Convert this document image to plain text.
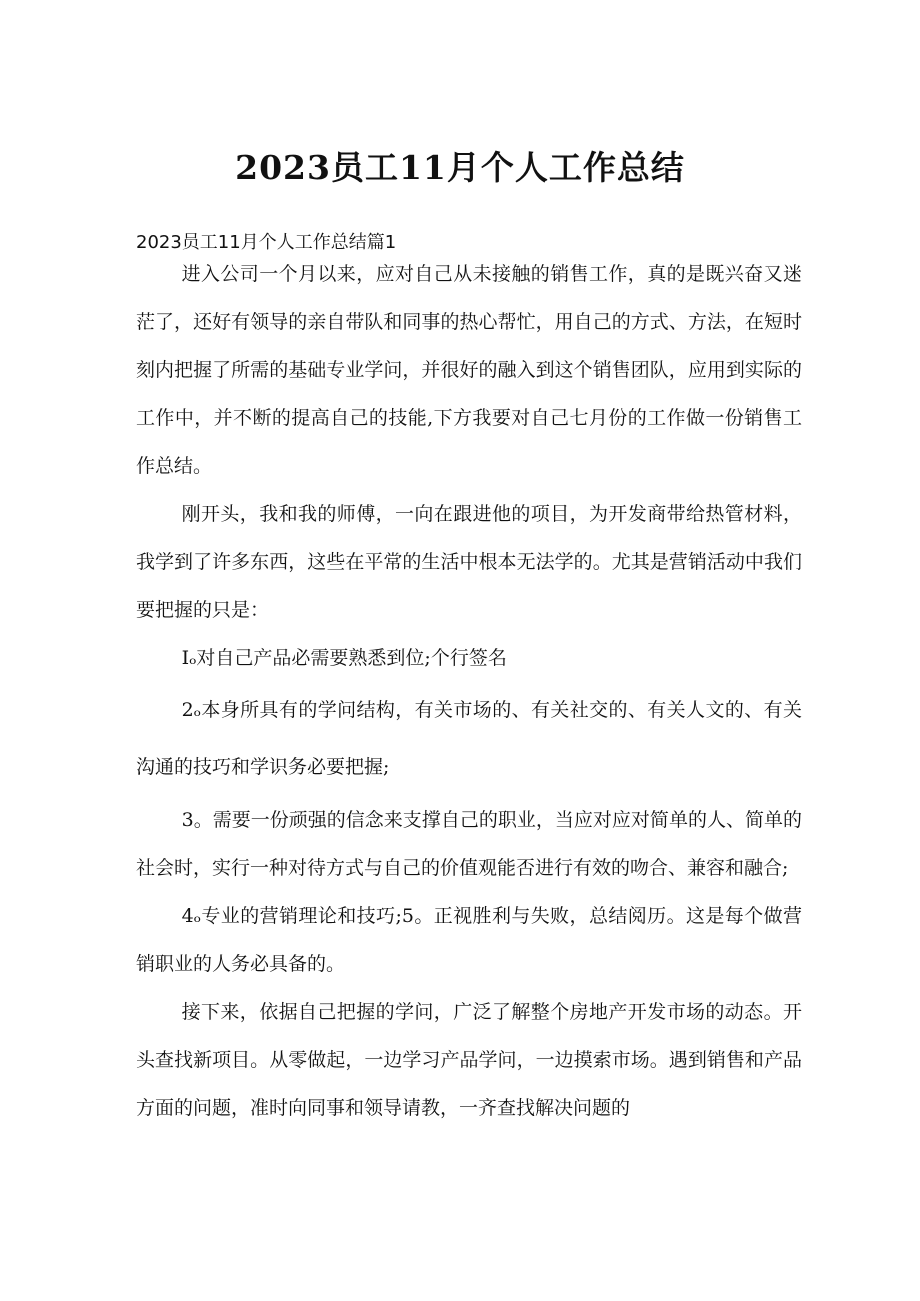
2023员工11月个人工作总结
2023员工11月个人工作总结篇1

进入公司一个月以来，应对自己从未接触的销售工作，真的是既兴奋又迷茫了，还好有领导的亲自带队和同事的热心帮忙，用自己的方式、方法，在短时刻内把握了所需的基础专业学问，并很好的融入到这个销售团队，应用到实际的工作中，并不断的提高自己的技能,下方我要对自己七月份的工作做一份销售工作总结。

刚开头，我和我的师傅，一向在跟进他的项目，为开发商带给热管材料，我学到了许多东西，这些在平常的生活中根本无法学的。尤其是营销活动中我们要把握的只是：

Iₒ对自己产品必需要熟悉到位;个行签名

2ₒ本身所具有的学问结构，有关市场的、有关社交的、有关人文的、有关沟通的技巧和学识务必要把握;

3。需要一份顽强的信念来支撑自己的职业，当应对应对简单的人、简单的社会时，实行一种对待方式与自己的价值观能否进行有效的吻合、兼容和融合;

4ₒ专业的营销理论和技巧;5。正视胜利与失败，总结阅历。这是每个做营销职业的人务必具备的。

接下来，依据自己把握的学问，广泛了解整个房地产开发市场的动态。开头查找新项目。从零做起，一边学习产品学问，一边摸索市场。遇到销售和产品方面的问题，准时向同事和领导请教，一齐查找解决问题的
